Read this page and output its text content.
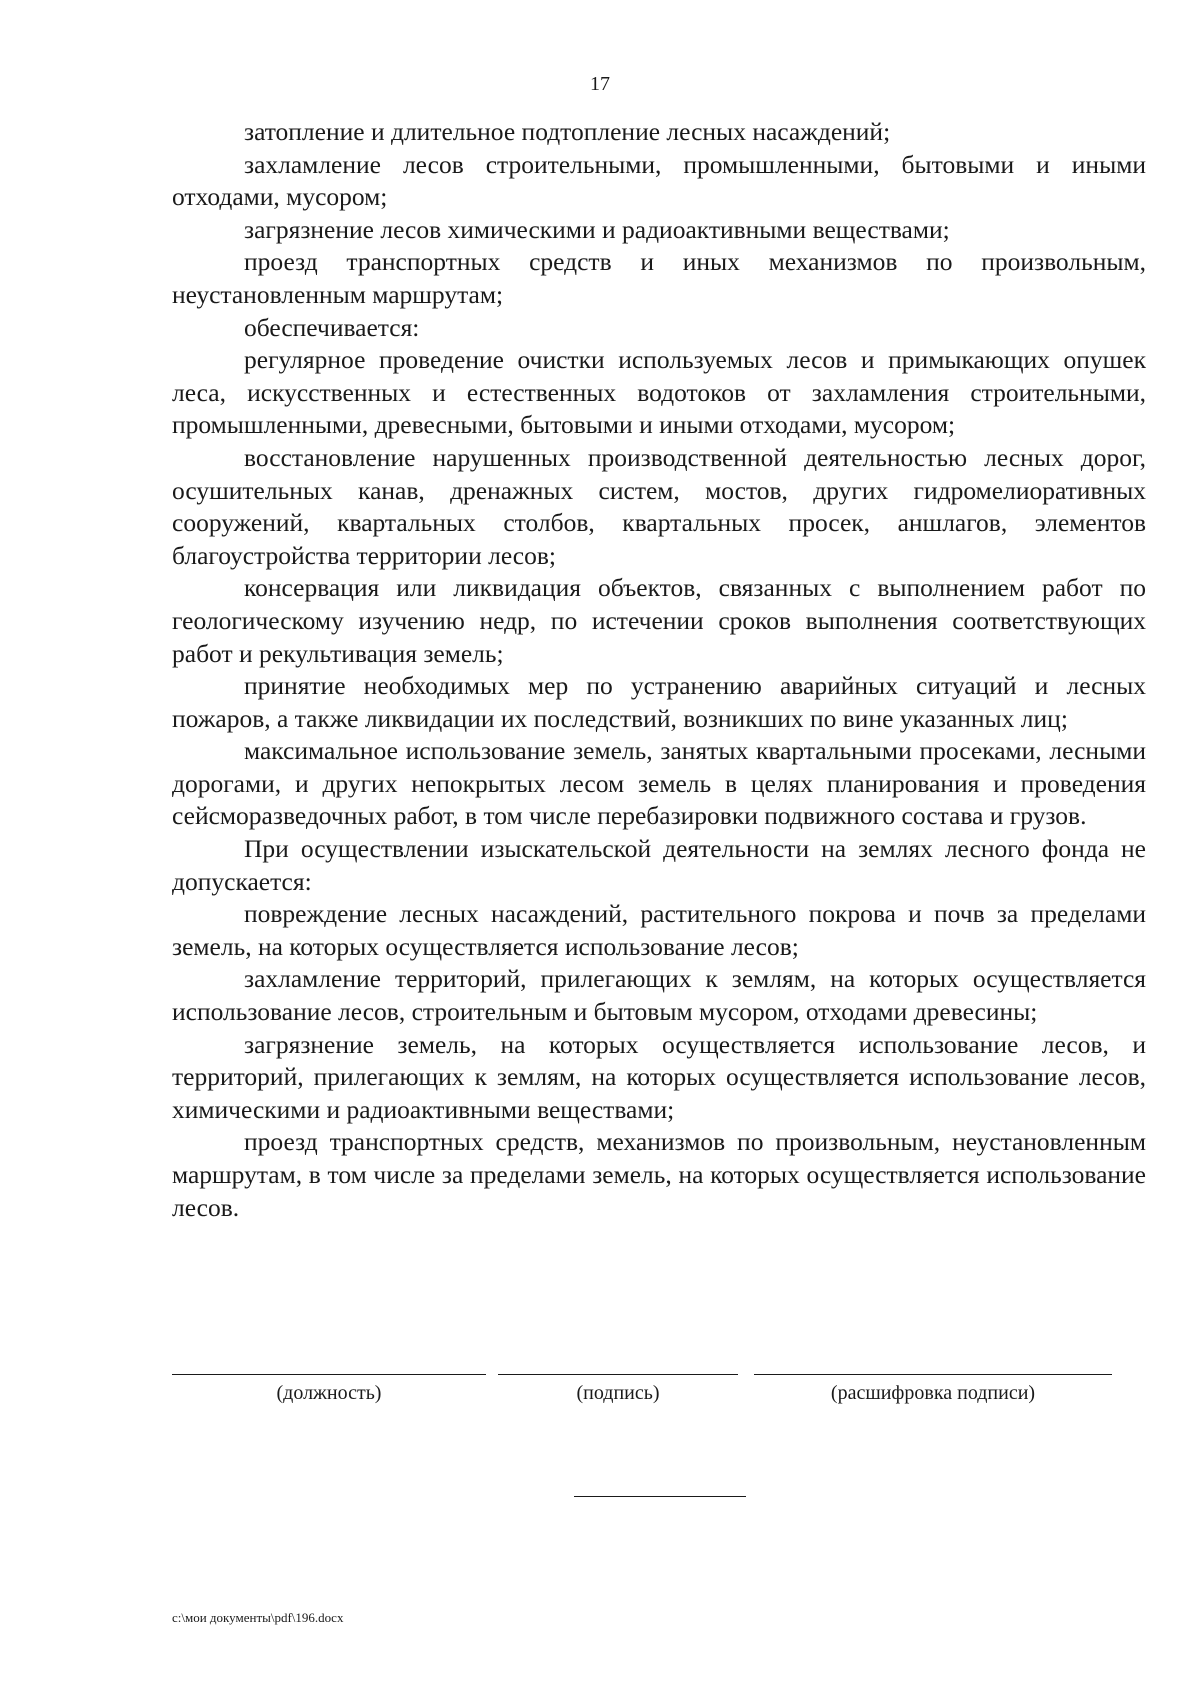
17

затопление и длительное подтопление лесных насаждений;

захламление лесов строительными, промышленными, бытовыми и иными отходами, мусором;

загрязнение лесов химическими и радиоактивными веществами;

проезд транспортных средств и иных механизмов по произвольным, неустановленным маршрутам;

обеспечивается:

регулярное проведение очистки используемых лесов и примыкающих опушек леса, искусственных и естественных водотоков от захламления строительными, промышленными, древесными, бытовыми и иными отходами, мусором;

восстановление нарушенных производственной деятельностью лесных дорог, осушительных канав, дренажных систем, мостов, других гидромелиоративных сооружений, квартальных столбов, квартальных просек, аншлагов, элементов благоустройства территории лесов;

консервация или ликвидация объектов, связанных с выполнением работ по геологическому изучению недр, по истечении сроков выполнения соответствующих работ и рекультивация земель;

принятие необходимых мер по устранению аварийных ситуаций и лесных пожаров, а также ликвидации их последствий, возникших по вине указанных лиц;

максимальное использование земель, занятых квартальными просеками, лесными дорогами, и других непокрытых лесом земель в целях планирования и проведения сейсморазведочных работ, в том числе перебазировки подвижного состава и грузов.

При осуществлении изыскательской деятельности на землях лесного фонда не допускается:

повреждение лесных насаждений, растительного покрова и почв за пределами земель, на которых осуществляется использование лесов;

захламление территорий, прилегающих к землям, на которых осуществляется использование лесов, строительным и бытовым мусором, отходами древесины;

загрязнение земель, на которых осуществляется использование лесов, и территорий, прилегающих к землям, на которых осуществляется использование лесов, химическими и радиоактивными веществами;

проезд транспортных средств, механизмов по произвольным, неустановленным маршрутам, в том числе за пределами земель, на которых осуществляется использование лесов.

(должность)	(подпись)	(расшифровка подписи)
c:\мои документы\pdf\196.docx
